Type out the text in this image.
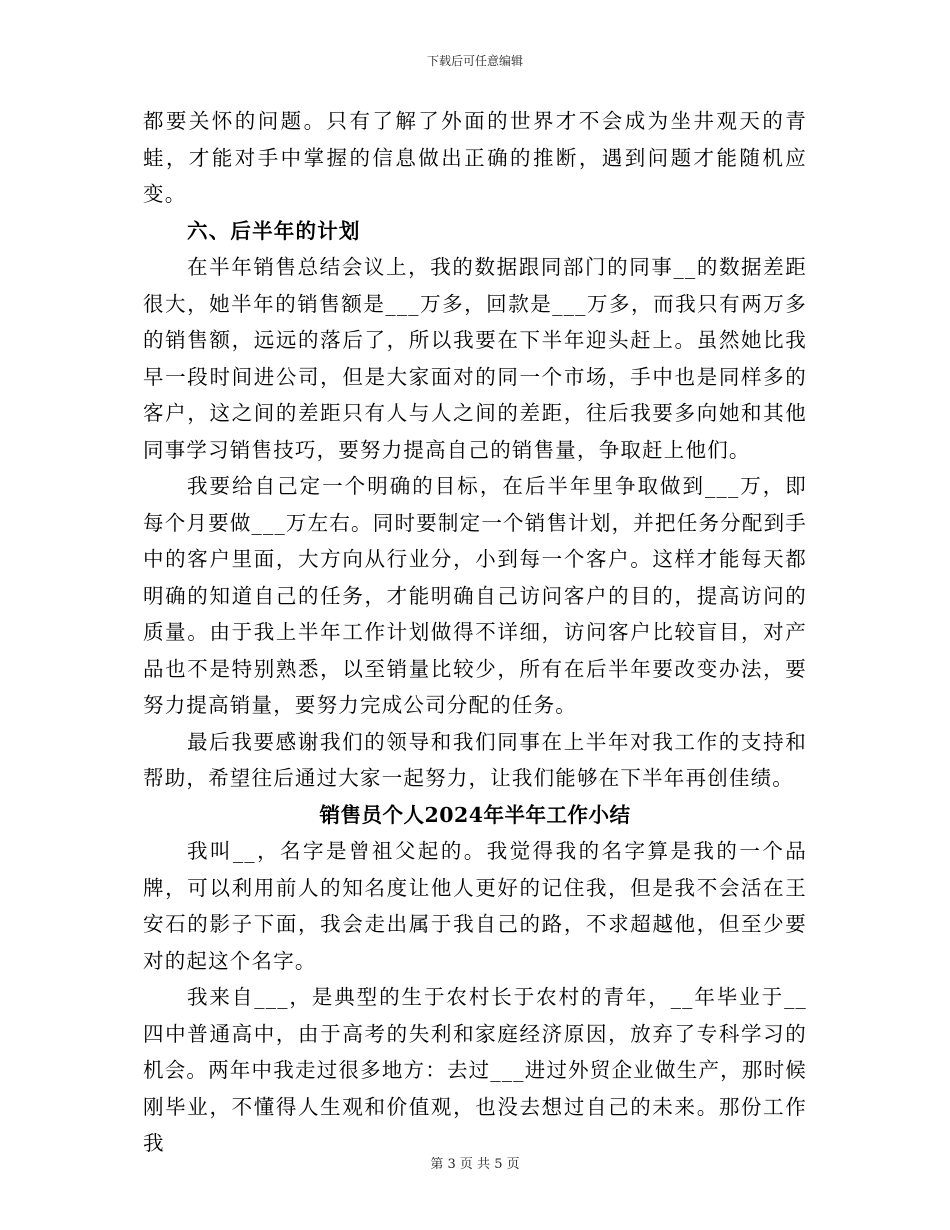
下载后可任意编辑

都要关怀的问题。只有了解了外面的世界才不会成为坐井观天的青蛙，才能对手中掌握的信息做出正确的推断，遇到问题才能随机应变。

六、后半年的计划

在半年销售总结会议上，我的数据跟同部门的同事__的数据差距很大，她半年的销售额是___万多，回款是___万多，而我只有两万多的销售额，远远的落后了，所以我要在下半年迎头赶上。虽然她比我早一段时间进公司，但是大家面对的同一个市场，手中也是同样多的客户，这之间的差距只有人与人之间的差距，往后我要多向她和其他同事学习销售技巧，要努力提高自己的销售量，争取赶上他们。

我要给自己定一个明确的目标，在后半年里争取做到___万，即每个月要做___万左右。同时要制定一个销售计划，并把任务分配到手中的客户里面，大方向从行业分，小到每一个客户。这样才能每天都明确的知道自己的任务，才能明确自己访问客户的目的，提高访问的质量。由于我上半年工作计划做得不详细，访问客户比较盲目，对产品也不是特别熟悉，以至销量比较少，所有在后半年要改变办法，要努力提高销量，要努力完成公司分配的任务。

最后我要感谢我们的领导和我们同事在上半年对我工作的支持和帮助，希望往后通过大家一起努力，让我们能够在下半年再创佳绩。

销售员个人2024年半年工作小结

我叫__，名字是曾祖父起的。我觉得我的名字算是我的一个品牌，可以利用前人的知名度让他人更好的记住我，但是我不会活在王安石的影子下面，我会走出属于我自己的路，不求超越他，但至少要对的起这个名字。

我来自___，是典型的生于农村长于农村的青年，__年毕业于__四中普通高中，由于高考的失利和家庭经济原因，放弃了专科学习的机会。两年中我走过很多地方：去过___进过外贸企业做生产，那时候刚毕业，不懂得人生观和价值观，也没去想过自己的未来。那份工作我

第 3 页 共 5 页
